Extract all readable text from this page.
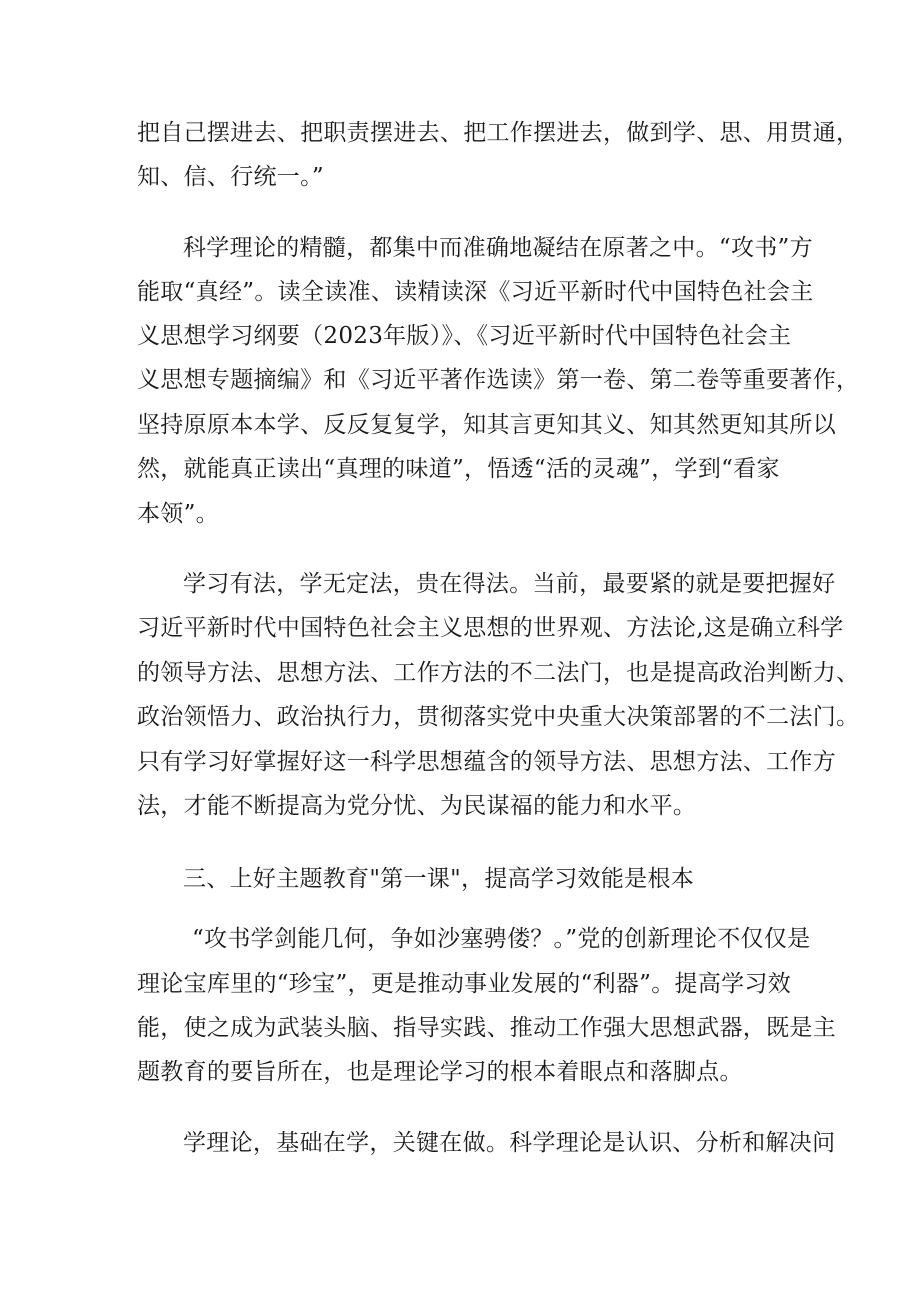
把自己摆进去、把职责摆进去、把工作摆进去，做到学、思、用贯通，
知、信、行统一。”
科学理论的精髓，都集中而准确地凝结在原著之中。“攻书”方
能取“真经”。读全读准、读精读深《习近平新时代中国特色社会主
义思想学习纲要（2023年版）》、《习近平新时代中国特色社会主
义思想专题摘编》和《习近平著作选读》第一卷、第二卷等重要著作，
坚持原原本本学、反反复复学，知其言更知其义、知其然更知其所以
然，就能真正读出“真理的味道”，悟透“活的灵魂”，学到“看家
本领”。
学习有法，学无定法，贵在得法。当前，最要紧的就是要把握好
习近平新时代中国特色社会主义思想的世界观、方法论,这是确立科学
的领导方法、思想方法、工作方法的不二法门，也是提高政治判断力、
政治领悟力、政治执行力，贯彻落实党中央重大决策部署的不二法门。
只有学习好掌握好这一科学思想蕴含的领导方法、思想方法、工作方
法，才能不断提高为党分忧、为民谋福的能力和水平。
三、上好主题教育"第一课"，提高学习效能是根本
“攻书学剑能几何，争如沙塞骋偻？。”党的创新理论不仅仅是
理论宝库里的“珍宝”，更是推动事业发展的“利器”。提高学习效
能，使之成为武装头脑、指导实践、推动工作强大思想武器，既是主
题教育的要旨所在，也是理论学习的根本着眼点和落脚点。
学理论，基础在学，关键在做。科学理论是认识、分析和解决问
